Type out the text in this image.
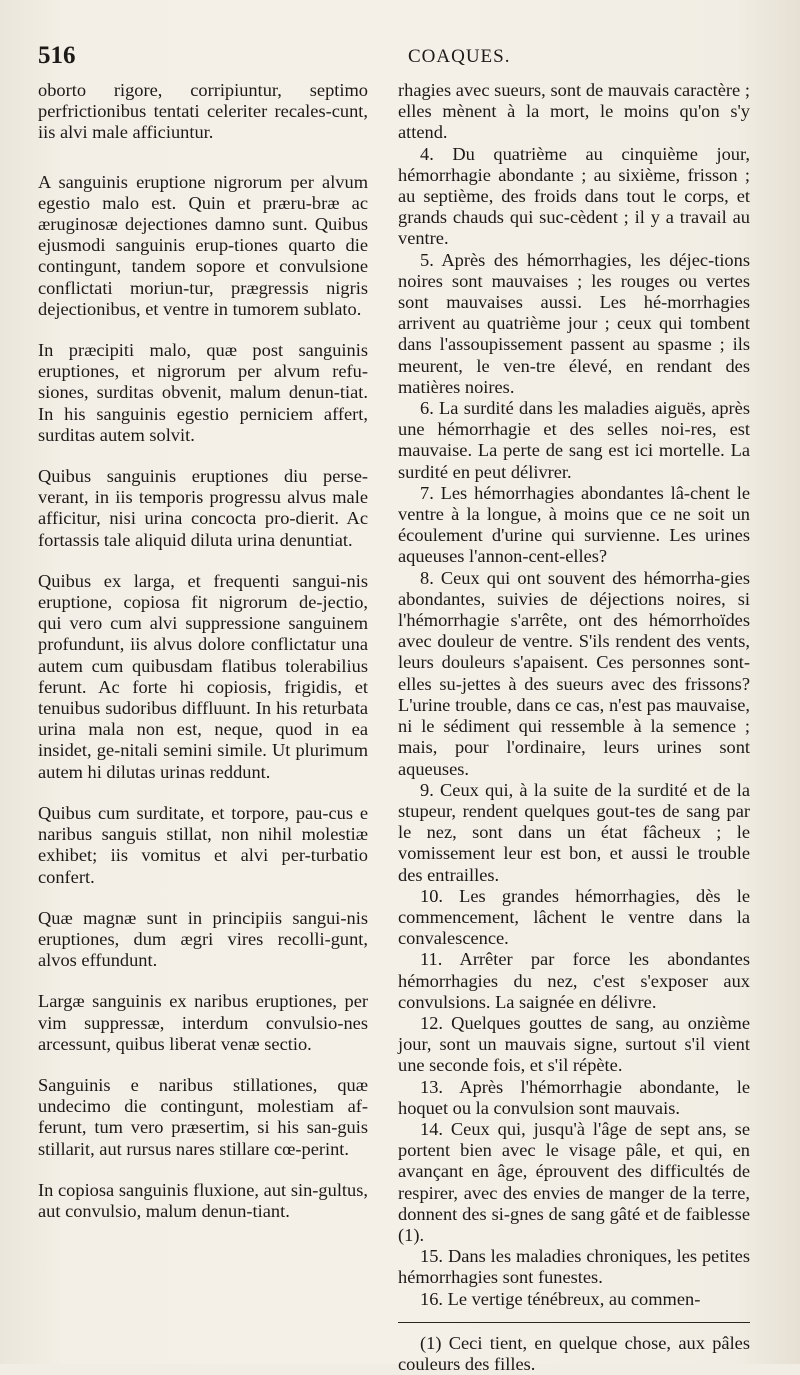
516	COAQUES.

oborto rigore, corripiuntur, septimo perfrictionibus tentati celeriter recales-cunt, iis alvi male afficiuntur.

A sanguinis eruptione nigrorum per alvum egestio malo est. Quin et præru-bræ ac æruginosæ dejectiones damno sunt. Quibus ejusmodi sanguinis erup-tiones quarto die contingunt, tandem sopore et convulsione conflictati moriun-tur, prægressis nigris dejectionibus, et ventre in tumorem sublato.

In præcipiti malo, quæ post sanguinis eruptiones, et nigrorum per alvum refu-siones, surditas obvenit, malum denun-tiat. In his sanguinis egestio perniciem affert, surditas autem solvit.

Quibus sanguinis eruptiones diu perse-verant, in iis temporis progressu alvus male afficitur, nisi urina concocta pro-dierit. Ac fortassis tale aliquid diluta urina denuntiat.

Quibus ex larga, et frequenti sangui-nis eruptione, copiosa fit nigrorum de-jectio, qui vero cum alvi suppressione sanguinem profundunt, iis alvus dolore conflictatur una autem cum quibusdam flatibus tolerabilius ferunt. Ac forte hi copiosis, frigidis, et tenuibus sudoribus diffluunt. In his returbata urina mala non est, neque, quod in ea insidet, ge-nitali semini simile. Ut plurimum autem hi dilutas urinas reddunt.

Quibus cum surditate, et torpore, pau-cus e naribus sanguis stillat, non nihil molestiæ exhibet; iis vomitus et alvi per-turbatio confert.

Quæ magnæ sunt in principiis sangui-nis eruptiones, dum ægri vires recolli-gunt, alvos effundunt.

Largæ sanguinis ex naribus eruptiones, per vim suppressæ, interdum convulsio-nes arcessunt, quibus liberat venæ sectio.

Sanguinis e naribus stillationes, quæ undecimo die contingunt, molestiam af-ferunt, tum vero præsertim, si his san-guis stillarit, aut rursus nares stillare cœ-perint.

In copiosa sanguinis fluxione, aut sin-gultus, aut convulsio, malum denun-tiant.

rhagies avec sueurs, sont de mauvais caractère ; elles mènent à la mort, le moins qu'on s'y attend.

4. Du quatrième au cinquième jour, hémorrhagie abondante ; au sixième, frisson ; au septième, des froids dans tout le corps, et grands chauds qui suc-cèdent ; il y a travail au ventre.

5. Après des hémorrhagies, les déjec-tions noires sont mauvaises ; les rouges ou vertes sont mauvaises aussi. Les hé-morrhagies arrivent au quatrième jour ; ceux qui tombent dans l'assoupissement passent au spasme ; ils meurent, le ven-tre élevé, en rendant des matières noires.

6. La surdité dans les maladies aiguës, après une hémorrhagie et des selles noi-res, est mauvaise. La perte de sang est ici mortelle. La surdité en peut délivrer.

7. Les hémorrhagies abondantes lâ-chent le ventre à la longue, à moins que ce ne soit un écoulement d'urine qui survienne. Les urines aqueuses l'annon-cent-elles?

8. Ceux qui ont souvent des hémorrha-gies abondantes, suivies de déjections noires, si l'hémorrhagie s'arrête, ont des hémorrhoïdes avec douleur de ventre. S'ils rendent des vents, leurs douleurs s'apaisent. Ces personnes sont-elles su-jettes à des sueurs avec des frissons? L'urine trouble, dans ce cas, n'est pas mauvaise, ni le sédiment qui ressemble à la semence ; mais, pour l'ordinaire, leurs urines sont aqueuses.

9. Ceux qui, à la suite de la surdité et de la stupeur, rendent quelques gout-tes de sang par le nez, sont dans un état fâcheux ; le vomissement leur est bon, et aussi le trouble des entrailles.

10. Les grandes hémorrhagies, dès le commencement, lâchent le ventre dans la convalescence.

11. Arrêter par force les abondantes hémorrhagies du nez, c'est s'exposer aux convulsions. La saignée en délivre.

12. Quelques gouttes de sang, au onzième jour, sont un mauvais signe, surtout s'il vient une seconde fois, et s'il répète.

13. Après l'hémorrhagie abondante, le hoquet ou la convulsion sont mauvais.

14. Ceux qui, jusqu'à l'âge de sept ans, se portent bien avec le visage pâle, et qui, en avançant en âge, éprouvent des difficultés de respirer, avec des envies de manger de la terre, donnent des si-gnes de sang gâté et de faiblesse (1).

15. Dans les maladies chroniques, les petites hémorrhagies sont funestes.

16. Le vertige ténébreux, au commen-

(1) Ceci tient, en quelque chose, aux pâles couleurs des filles.
